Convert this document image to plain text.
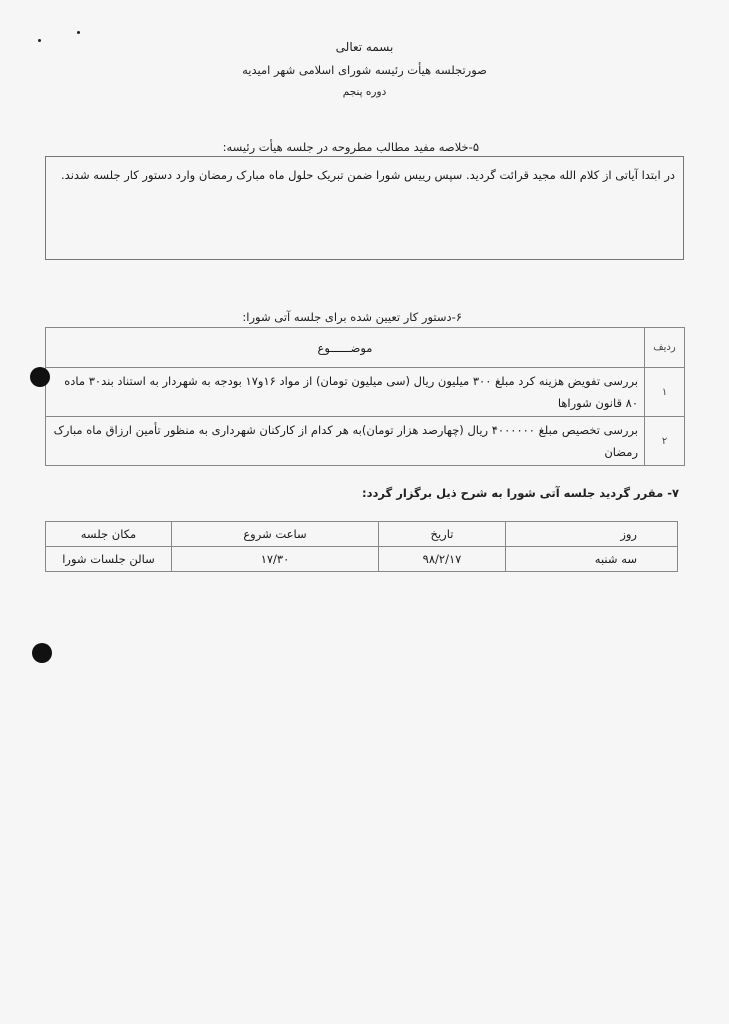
بسمه تعالی
صورتجلسه هیأت رئیسه شورای اسلامی شهر امیدیه
دوره پنجم
۵-خلاصه مفید مطالب مطروحه در جلسه هیأت رئیسه:
در ابتدا آیاتی از کلام الله مجید قرائت گردید. سپس رییس شورا ضمن تبریک حلول ماه مبارک رمضان وارد دستور کار جلسه شدند.
۶-دستور کار تعیین شده برای جلسه آتی شورا:
ردیف	موضــــــوع
۱	بررسی تفویض هزینه کرد مبلغ ۳۰۰ میلیون ریال (سی میلیون تومان) از مواد ۱۶و۱۷ بودجه به شهردار به استناد بند۳۰ ماده ۸۰ قانون شوراها
۲	بررسی تخصیص مبلغ ۴۰۰۰۰۰۰ ریال (چهارصد هزار تومان)به هر کدام از کارکنان شهرداری به منظور تأمین ارزاق ماه مبارک رمضان
۷- مقرر گردید جلسه آتی شورا به شرح ذیل برگزار گردد:
روز	تاریخ	ساعت شروع	مکان جلسه
سه شنبه	۹۸/۲/۱۷	۱۷/۳۰	سالن جلسات شورا
